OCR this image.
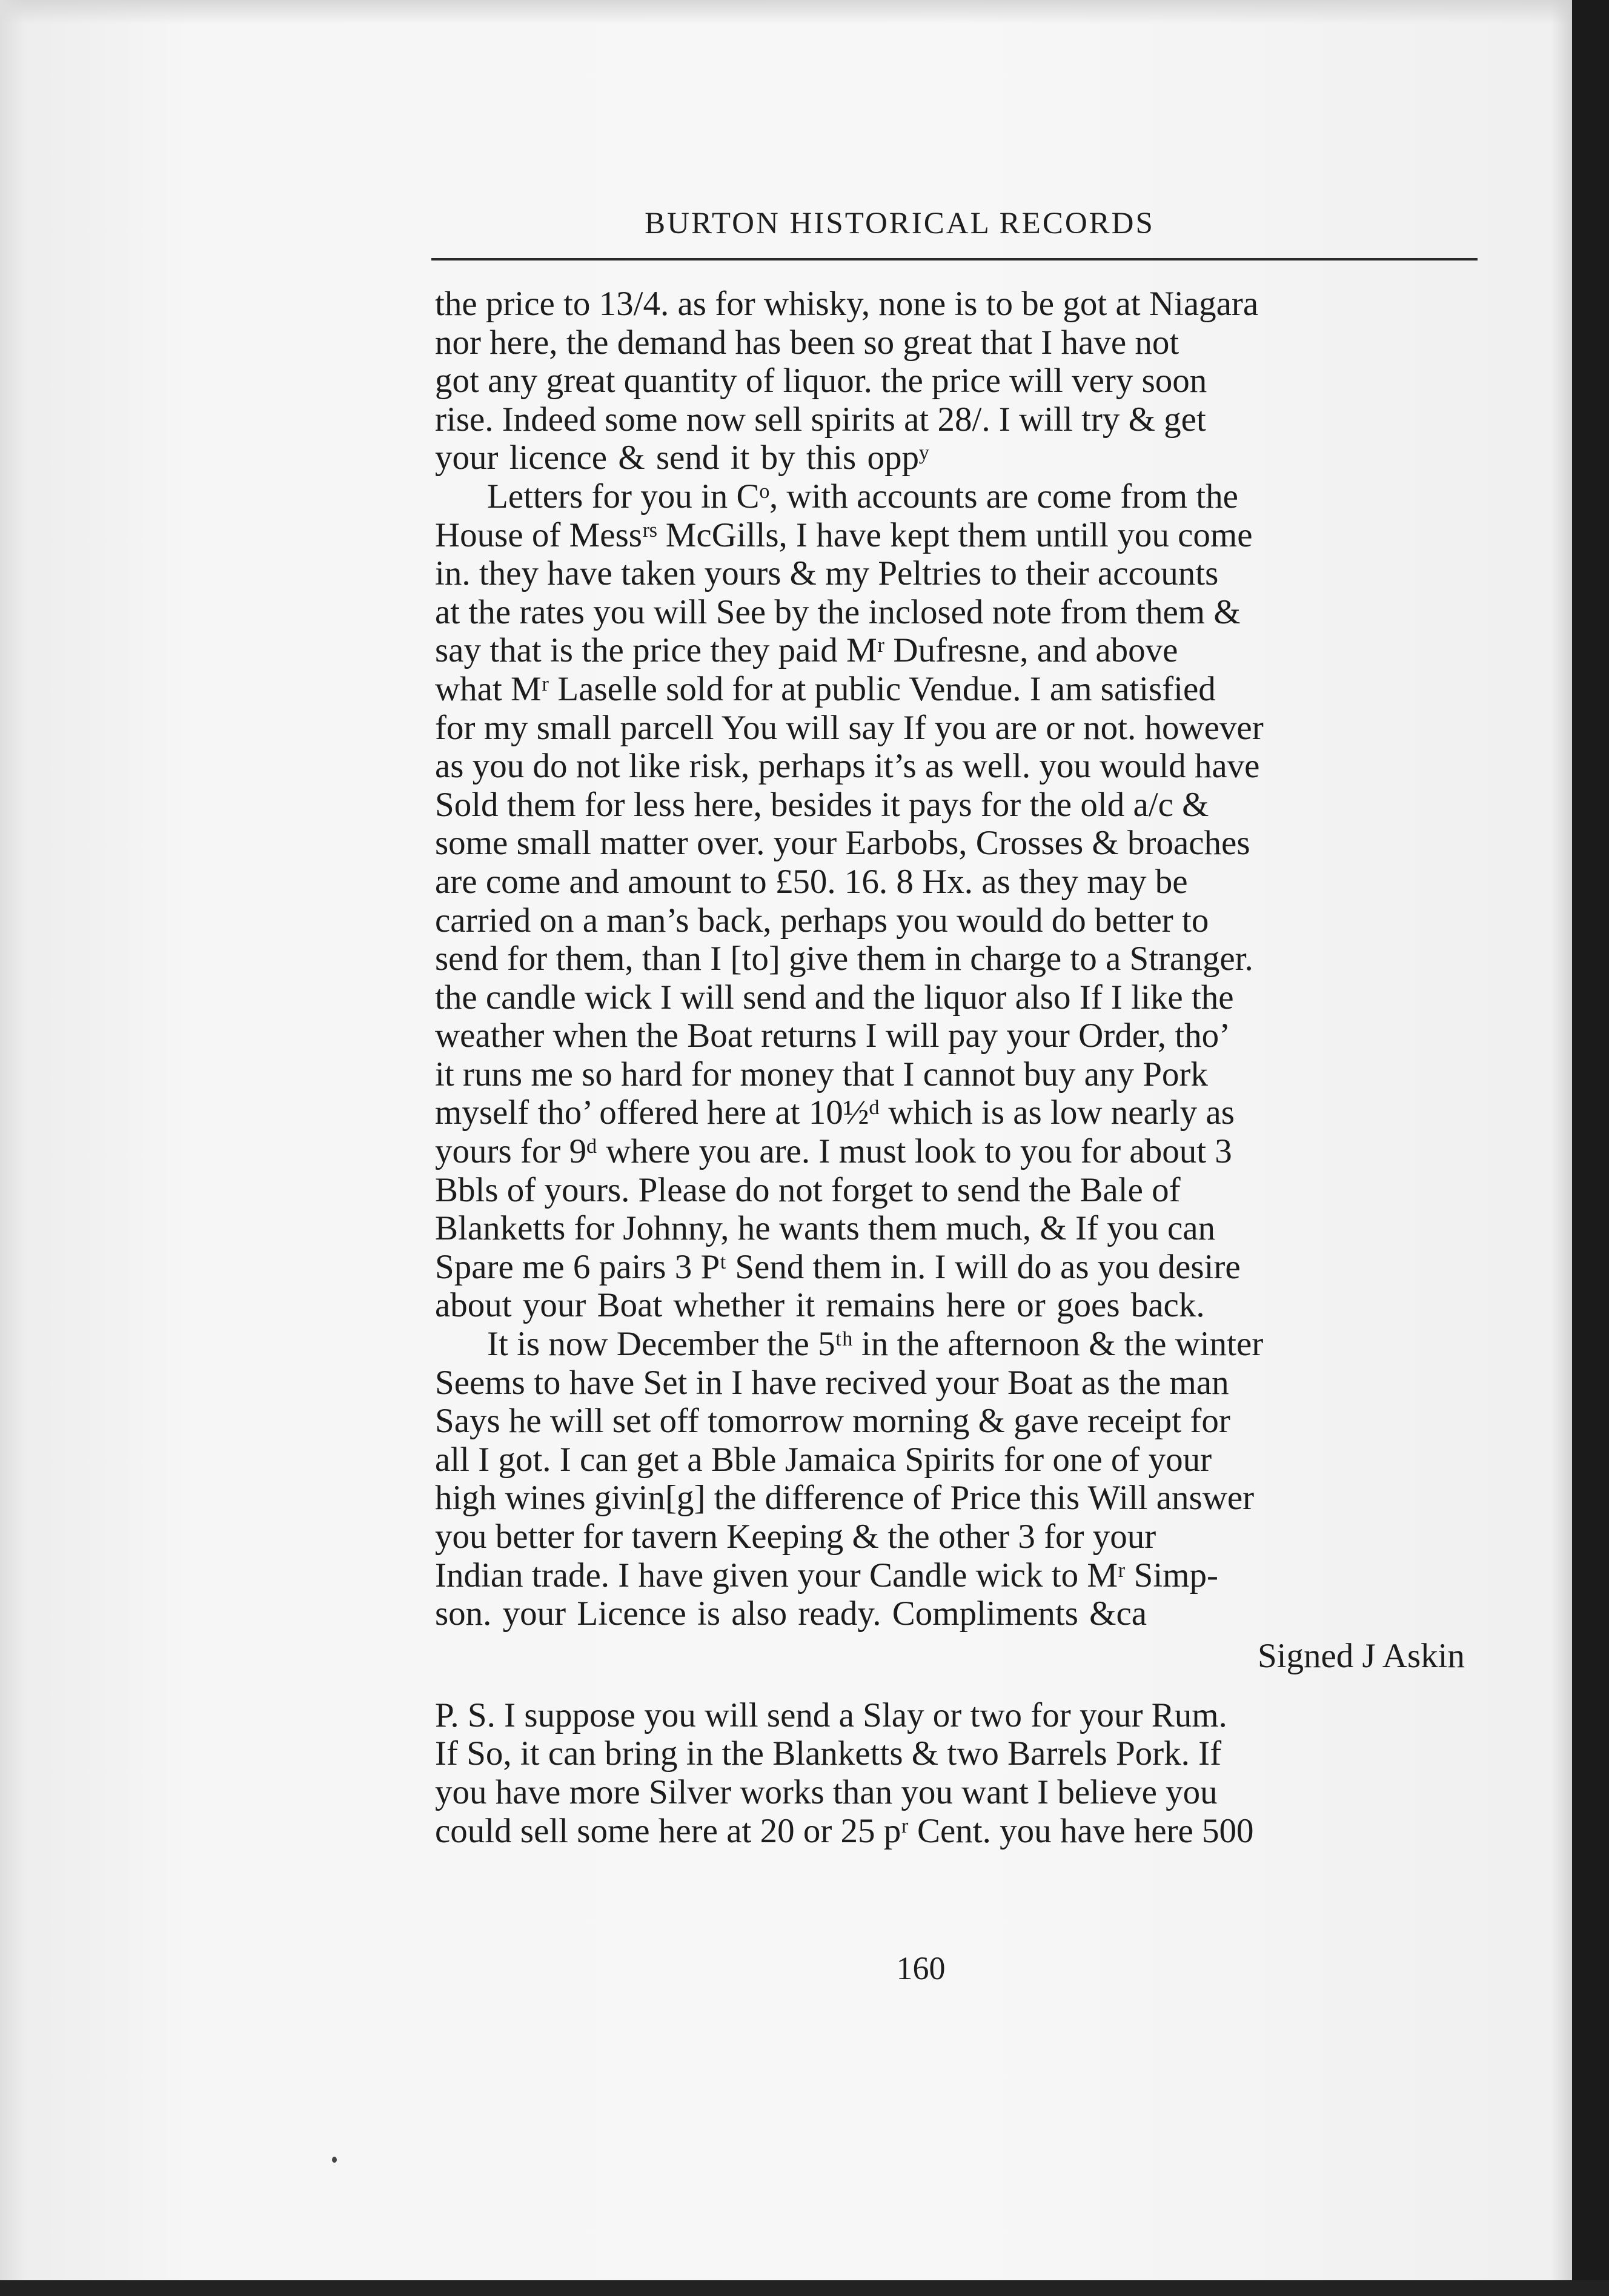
BURTON HISTORICAL RECORDS
the price to 13/4. as for whisky, none is to be got at Niagara
nor here, the demand has been so great that I have not
got any great quantity of liquor. the price will very soon
rise. Indeed some now sell spirits at 28/. I will try & get
your licence & send it by this oppʸ
Letters for you in Cᵒ, with accounts are come from the
House of Messʳˢ McGills, I have kept them untill you come
in. they have taken yours & my Peltries to their accounts
at the rates you will See by the inclosed note from them &
say that is the price they paid Mʳ Dufresne, and above
what Mʳ Laselle sold for at public Vendue. I am satisfied
for my small parcell You will say If you are or not. however
as you do not like risk, perhaps it’s as well. you would have
Sold them for less here, besides it pays for the old a/c &
some small matter over. your Earbobs, Crosses & broaches
are come and amount to £50. 16. 8 Hx. as they may be
carried on a man’s back, perhaps you would do better to
send for them, than I [to] give them in charge to a Stranger.
the candle wick I will send and the liquor also If I like the
weather when the Boat returns I will pay your Order, tho’
it runs me so hard for money that I cannot buy any Pork
myself tho’ offered here at 10½ᵈ which is as low nearly as
yours for 9ᵈ where you are. I must look to you for about 3
Bbls of yours. Please do not forget to send the Bale of
Blanketts for Johnny, he wants them much, & If you can
Spare me 6 pairs 3 Pᵗ Send them in. I will do as you desire
about your Boat whether it remains here or goes back.
It is now December the 5ᵗʰ in the afternoon & the winter
Seems to have Set in I have recived your Boat as the man
Says he will set off tomorrow morning & gave receipt for
all I got. I can get a Bble Jamaica Spirits for one of your
high wines givin[g] the difference of Price this Will answer
you better for tavern Keeping & the other 3 for your
Indian trade. I have given your Candle wick to Mʳ Simp-
son. your Licence is also ready. Compliments &ca
Signed J Askin
P. S. I suppose you will send a Slay or two for your Rum.
If So, it can bring in the Blanketts & two Barrels Pork. If
you have more Silver works than you want I believe you
could sell some here at 20 or 25 pʳ Cent. you have here 500
160
